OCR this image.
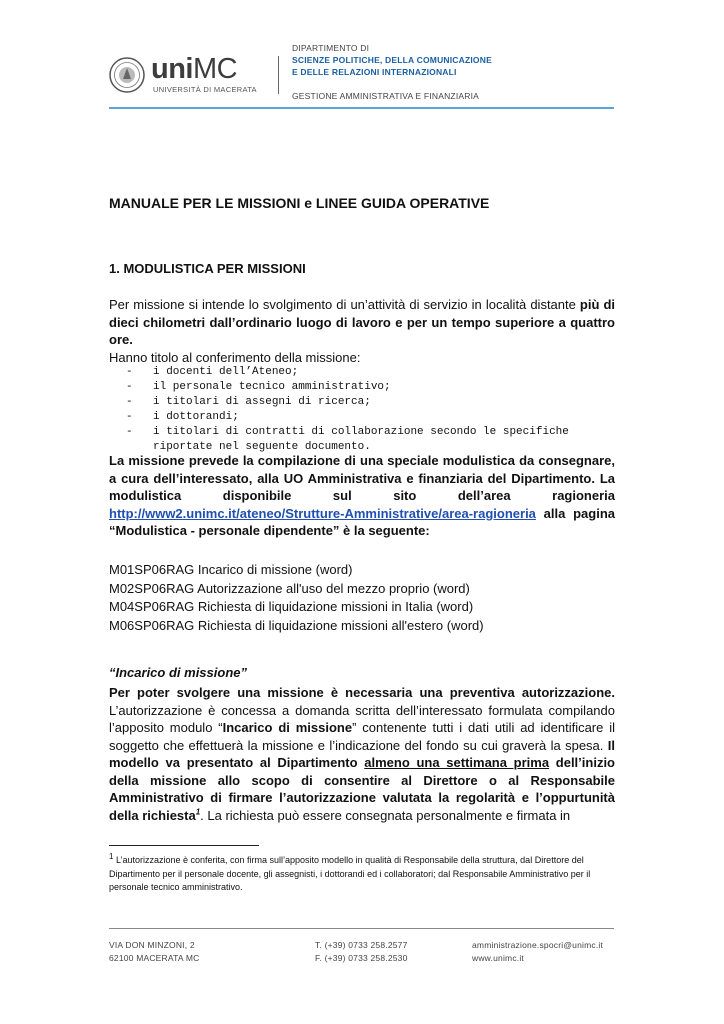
uniMC
UNIVERSITÀ DI MACERATA
DIPARTIMENTO DI
SCIENZE POLITICHE, DELLA COMUNICAZIONE
E DELLE RELAZIONI INTERNAZIONALI
GESTIONE AMMINISTRATIVA E FINANZIARIA
MANUALE PER LE MISSIONI e LINEE GUIDA OPERATIVE
1. MODULISTICA PER MISSIONI
Per missione si intende lo svolgimento di un’attività di servizio in località distante più di dieci chilometri dall’ordinario luogo di lavoro e per un tempo superiore a quattro ore.
Hanno titolo al conferimento della missione:
- i docenti dell’Ateneo;
- il personale tecnico amministrativo;
- i titolari di assegni di ricerca;
- i dottorandi;
- i titolari di contratti di collaborazione secondo le specifiche riportate nel seguente documento.
La missione prevede la compilazione di una speciale modulistica da consegnare, a cura dell’interessato, alla UO Amministrativa e finanziaria del Dipartimento. La modulistica disponibile sul sito dell’area ragioneria http://www2.unimc.it/ateneo/Strutture-Amministrative/area-ragioneria alla pagina “Modulistica - personale dipendente” è la seguente:
M01SP06RAG Incarico di missione (word)
M02SP06RAG Autorizzazione all'uso del mezzo proprio (word)
M04SP06RAG Richiesta di liquidazione missioni in Italia (word)
M06SP06RAG Richiesta di liquidazione missioni all'estero (word)
“Incarico di missione”
Per poter svolgere una missione è necessaria una preventiva autorizzazione. L’autorizzazione è concessa a domanda scritta dell’interessato formulata compilando l’apposito modulo “Incarico di missione” contenente tutti i dati utili ad identificare il soggetto che effettuerà la missione e l’indicazione del fondo su cui graverà la spesa. Il modello va presentato al Dipartimento almeno una settimana prima dell’inizio della missione allo scopo di consentire al Direttore o al Responsabile Amministrativo di firmare l’autorizzazione valutata la regolarità e l’oppurtunità della richiesta$^1$. La richiesta può essere consegnata personalmente e firmata in
$^1$ L’autorizzazione è conferita, con firma sull’apposito modello in qualità di Responsabile della struttura, dal Direttore del Dipartimento per il personale docente, gli assegnisti, i dottorandi ed i collaboratori; dal Responsabile Amministrativo per il personale tecnico amministrativo.
VIA DON MINZONI, 2
62100 MACERATA MC
T. (+39) 0733 258.2577
F. (+39) 0733 258.2530
amministrazione.spocri@unimc.it
www.unimc.it
